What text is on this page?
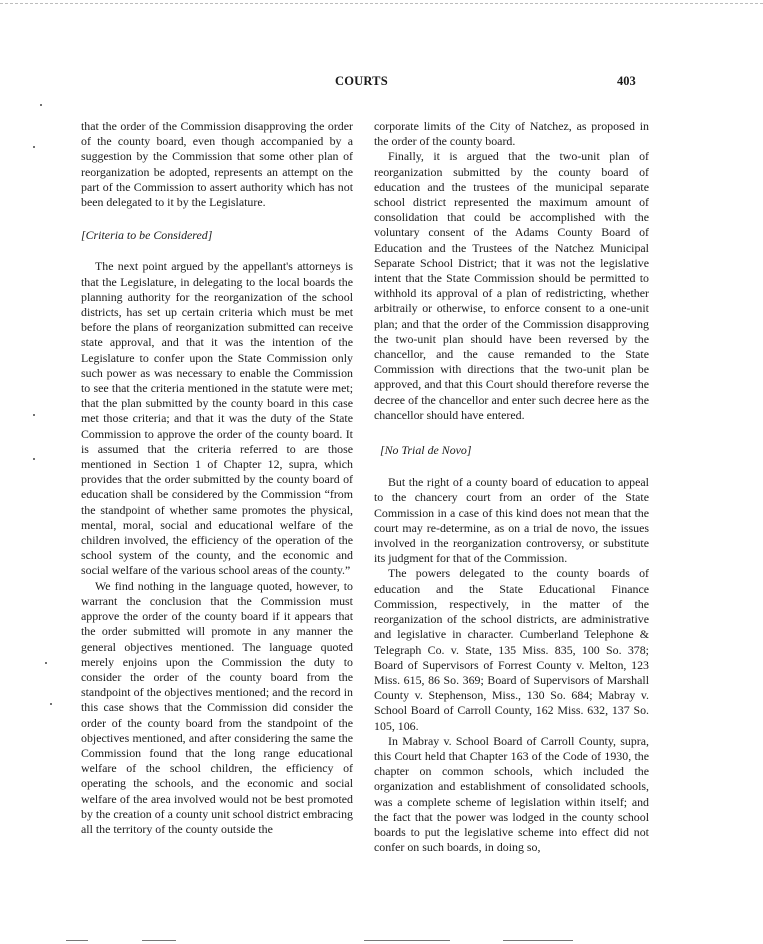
COURTS	403

that the order of the Commission disapproving the order of the county board, even though accompanied by a suggestion by the Commission that some other plan of reorganization be adopted, represents an attempt on the part of the Commission to assert authority which has not been delegated to it by the Legislature.

[Criteria to be Considered]

The next point argued by the appellant's attorneys is that the Legislature, in delegating to the local boards the planning authority for the reorganization of the school districts, has set up certain criteria which must be met before the plans of reorganization submitted can receive state approval, and that it was the intention of the Legislature to confer upon the State Commission only such power as was necessary to enable the Commission to see that the criteria mentioned in the statute were met; that the plan submitted by the county board in this case met those criteria; and that it was the duty of the State Commission to approve the order of the county board. It is assumed that the criteria referred to are those mentioned in Section 1 of Chapter 12, supra, which provides that the order submitted by the county board of education shall be considered by the Commission “from the standpoint of whether same promotes the physical, mental, moral, social and educational welfare of the children involved, the efficiency of the operation of the school system of the county, and the economic and social welfare of the various school areas of the county.”

We find nothing in the language quoted, however, to warrant the conclusion that the Commission must approve the order of the county board if it appears that the order submitted will promote in any manner the general objectives mentioned. The language quoted merely enjoins upon the Commission the duty to consider the order of the county board from the standpoint of the objectives mentioned; and the record in this case shows that the Commission did consider the order of the county board from the standpoint of the objectives mentioned, and after considering the same the Commission found that the long range educational welfare of the school children, the efficiency of operating the schools, and the economic and social welfare of the area involved would not be best promoted by the creation of a county unit school district embracing all the territory of the county outside the

corporate limits of the City of Natchez, as proposed in the order of the county board.

Finally, it is argued that the two-unit plan of reorganization submitted by the county board of education and the trustees of the municipal separate school district represented the maximum amount of consolidation that could be accomplished with the voluntary consent of the Adams County Board of Education and the Trustees of the Natchez Municipal Separate School District; that it was not the legislative intent that the State Commission should be permitted to withhold its approval of a plan of redistricting, whether arbitraily or otherwise, to enforce consent to a one-unit plan; and that the order of the Commission disapproving the two-unit plan should have been reversed by the chancellor, and the cause remanded to the State Commission with directions that the two-unit plan be approved, and that this Court should therefore reverse the decree of the chancellor and enter such decree here as the chancellor should have entered.

[No Trial de Novo]

But the right of a county board of education to appeal to the chancery court from an order of the State Commission in a case of this kind does not mean that the court may re-determine, as on a trial de novo, the issues involved in the reorganization controversy, or substitute its judgment for that of the Commission.

The powers delegated to the county boards of education and the State Educational Finance Commission, respectively, in the matter of the reorganization of the school districts, are administrative and legislative in character. Cumberland Telephone & Telegraph Co. v. State, 135 Miss. 835, 100 So. 378; Board of Supervisors of Forrest County v. Melton, 123 Miss. 615, 86 So. 369; Board of Supervisors of Marshall County v. Stephenson, Miss., 130 So. 684; Mabray v. School Board of Carroll County, 162 Miss. 632, 137 So. 105, 106.

In Mabray v. School Board of Carroll County, supra, this Court held that Chapter 163 of the Code of 1930, the chapter on common schools, which included the organization and establishment of consolidated schools, was a complete scheme of legislation within itself; and the fact that the power was lodged in the county school boards to put the legislative scheme into effect did not confer on such boards, in doing so,
